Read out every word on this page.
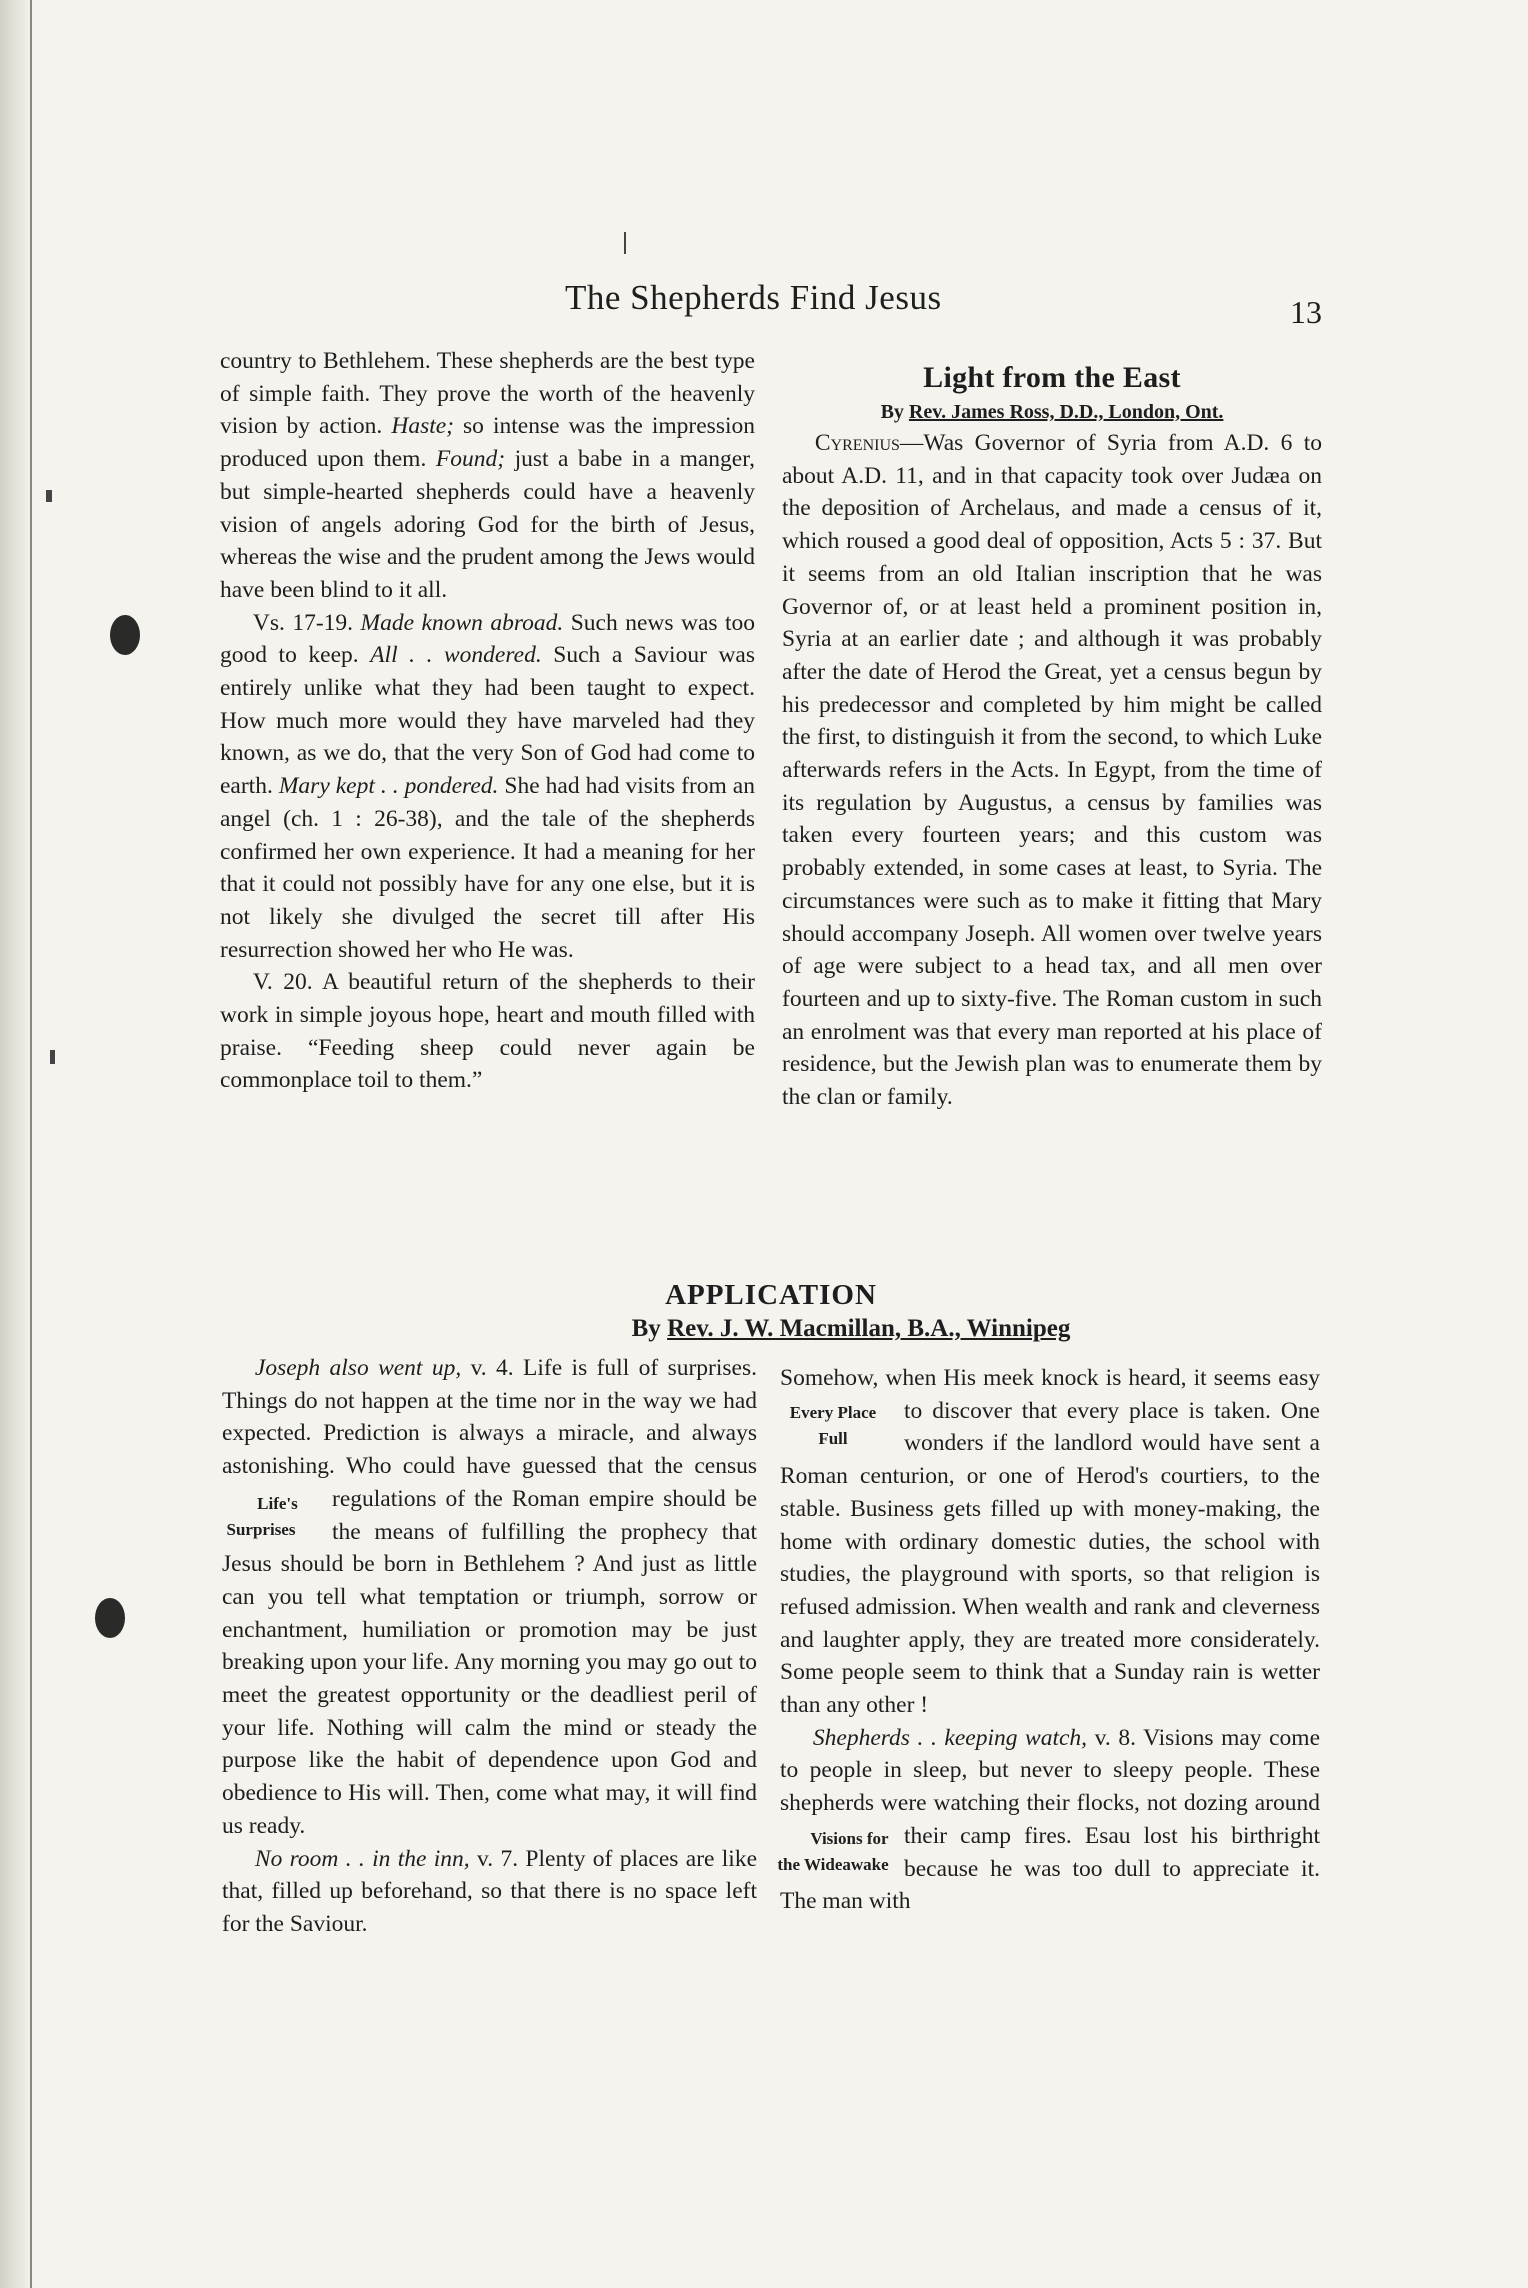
The Shepherds Find Jesus	13

country to Bethlehem. These shepherds are the best type of simple faith. They prove the worth of the heavenly vision by action. Haste; so intense was the impression produced upon them. Found; just a babe in a manger, but simple-hearted shepherds could have a heavenly vision of angels adoring God for the birth of Jesus, whereas the wise and the prudent among the Jews would have been blind to it all.

Vs. 17-19. Made known abroad. Such news was too good to keep. All . . wondered. Such a Saviour was entirely unlike what they had been taught to expect. How much more would they have marveled had they known, as we do, that the very Son of God had come to earth. Mary kept . . pondered. She had had visits from an angel (ch. 1 : 26-38), and the tale of the shepherds confirmed her own experience. It had a meaning for her that it could not possibly have for any one else, but it is not likely she divulged the secret till after His resurrection showed her who He was.

V. 20. A beautiful return of the shepherds to their work in simple joyous hope, heart and mouth filled with praise. “Feeding sheep could never again be commonplace toil to them.”

Light from the East
By Rev. James Ross, D.D., London, Ont.

Cyrenius—Was Governor of Syria from A.D. 6 to about A.D. 11, and in that capacity took over Judæa on the deposition of Archelaus, and made a census of it, which roused a good deal of opposition, Acts 5 : 37. But it seems from an old Italian inscription that he was Governor of, or at least held a prominent position in, Syria at an earlier date ; and although it was probably after the date of Herod the Great, yet a census begun by his predecessor and completed by him might be called the first, to distinguish it from the second, to which Luke afterwards refers in the Acts. In Egypt, from the time of its regulation by Augustus, a census by families was taken every fourteen years; and this custom was probably extended, in some cases at least, to Syria. The circumstances were such as to make it fitting that Mary should accompany Joseph. All women over twelve years of age were subject to a head tax, and all men over fourteen and up to sixty-five. The Roman custom in such an enrolment was that every man reported at his place of residence, but the Jewish plan was to enumerate them by the clan or family.

APPLICATION
By Rev. J. W. Macmillan, B.A., Winnipeg

Life's Surprises
Joseph also went up, v. 4. Life is full of surprises. Things do not happen at the time nor in the way we had expected. Prediction is always a miracle, and always astonishing. Who could have guessed that the census regulations of the Roman empire should be the means of fulfilling the prophecy that Jesus should be born in Bethlehem ? And just as little can you tell what temptation or triumph, sorrow or enchantment, humiliation or promotion may be just breaking upon your life. Any morning you may go out to meet the greatest opportunity or the deadliest peril of your life. Nothing will calm the mind or steady the purpose like the habit of dependence upon God and obedience to His will. Then, come what may, it will find us ready.

No room . . in the inn, v. 7. Plenty of places are like that, filled up beforehand, so that there is no space left for the Saviour.

Every Place Full
Somehow, when His meek knock is heard, it seems easy to discover that every place is taken. One wonders if the landlord would have sent a Roman centurion, or one of Herod's courtiers, to the stable. Business gets filled up with money-making, the home with ordinary domestic duties, the school with studies, the playground with sports, so that religion is refused admission. When wealth and rank and cleverness and laughter apply, they are treated more considerately. Some people seem to think that a Sunday rain is wetter than any other !

Visions for the Wideawake
Shepherds . . keeping watch, v. 8. Visions may come to people in sleep, but never to sleepy people. These shepherds were watching their flocks, not dozing around their camp fires. Esau lost his birthright because he was too dull to appreciate it. The man with
